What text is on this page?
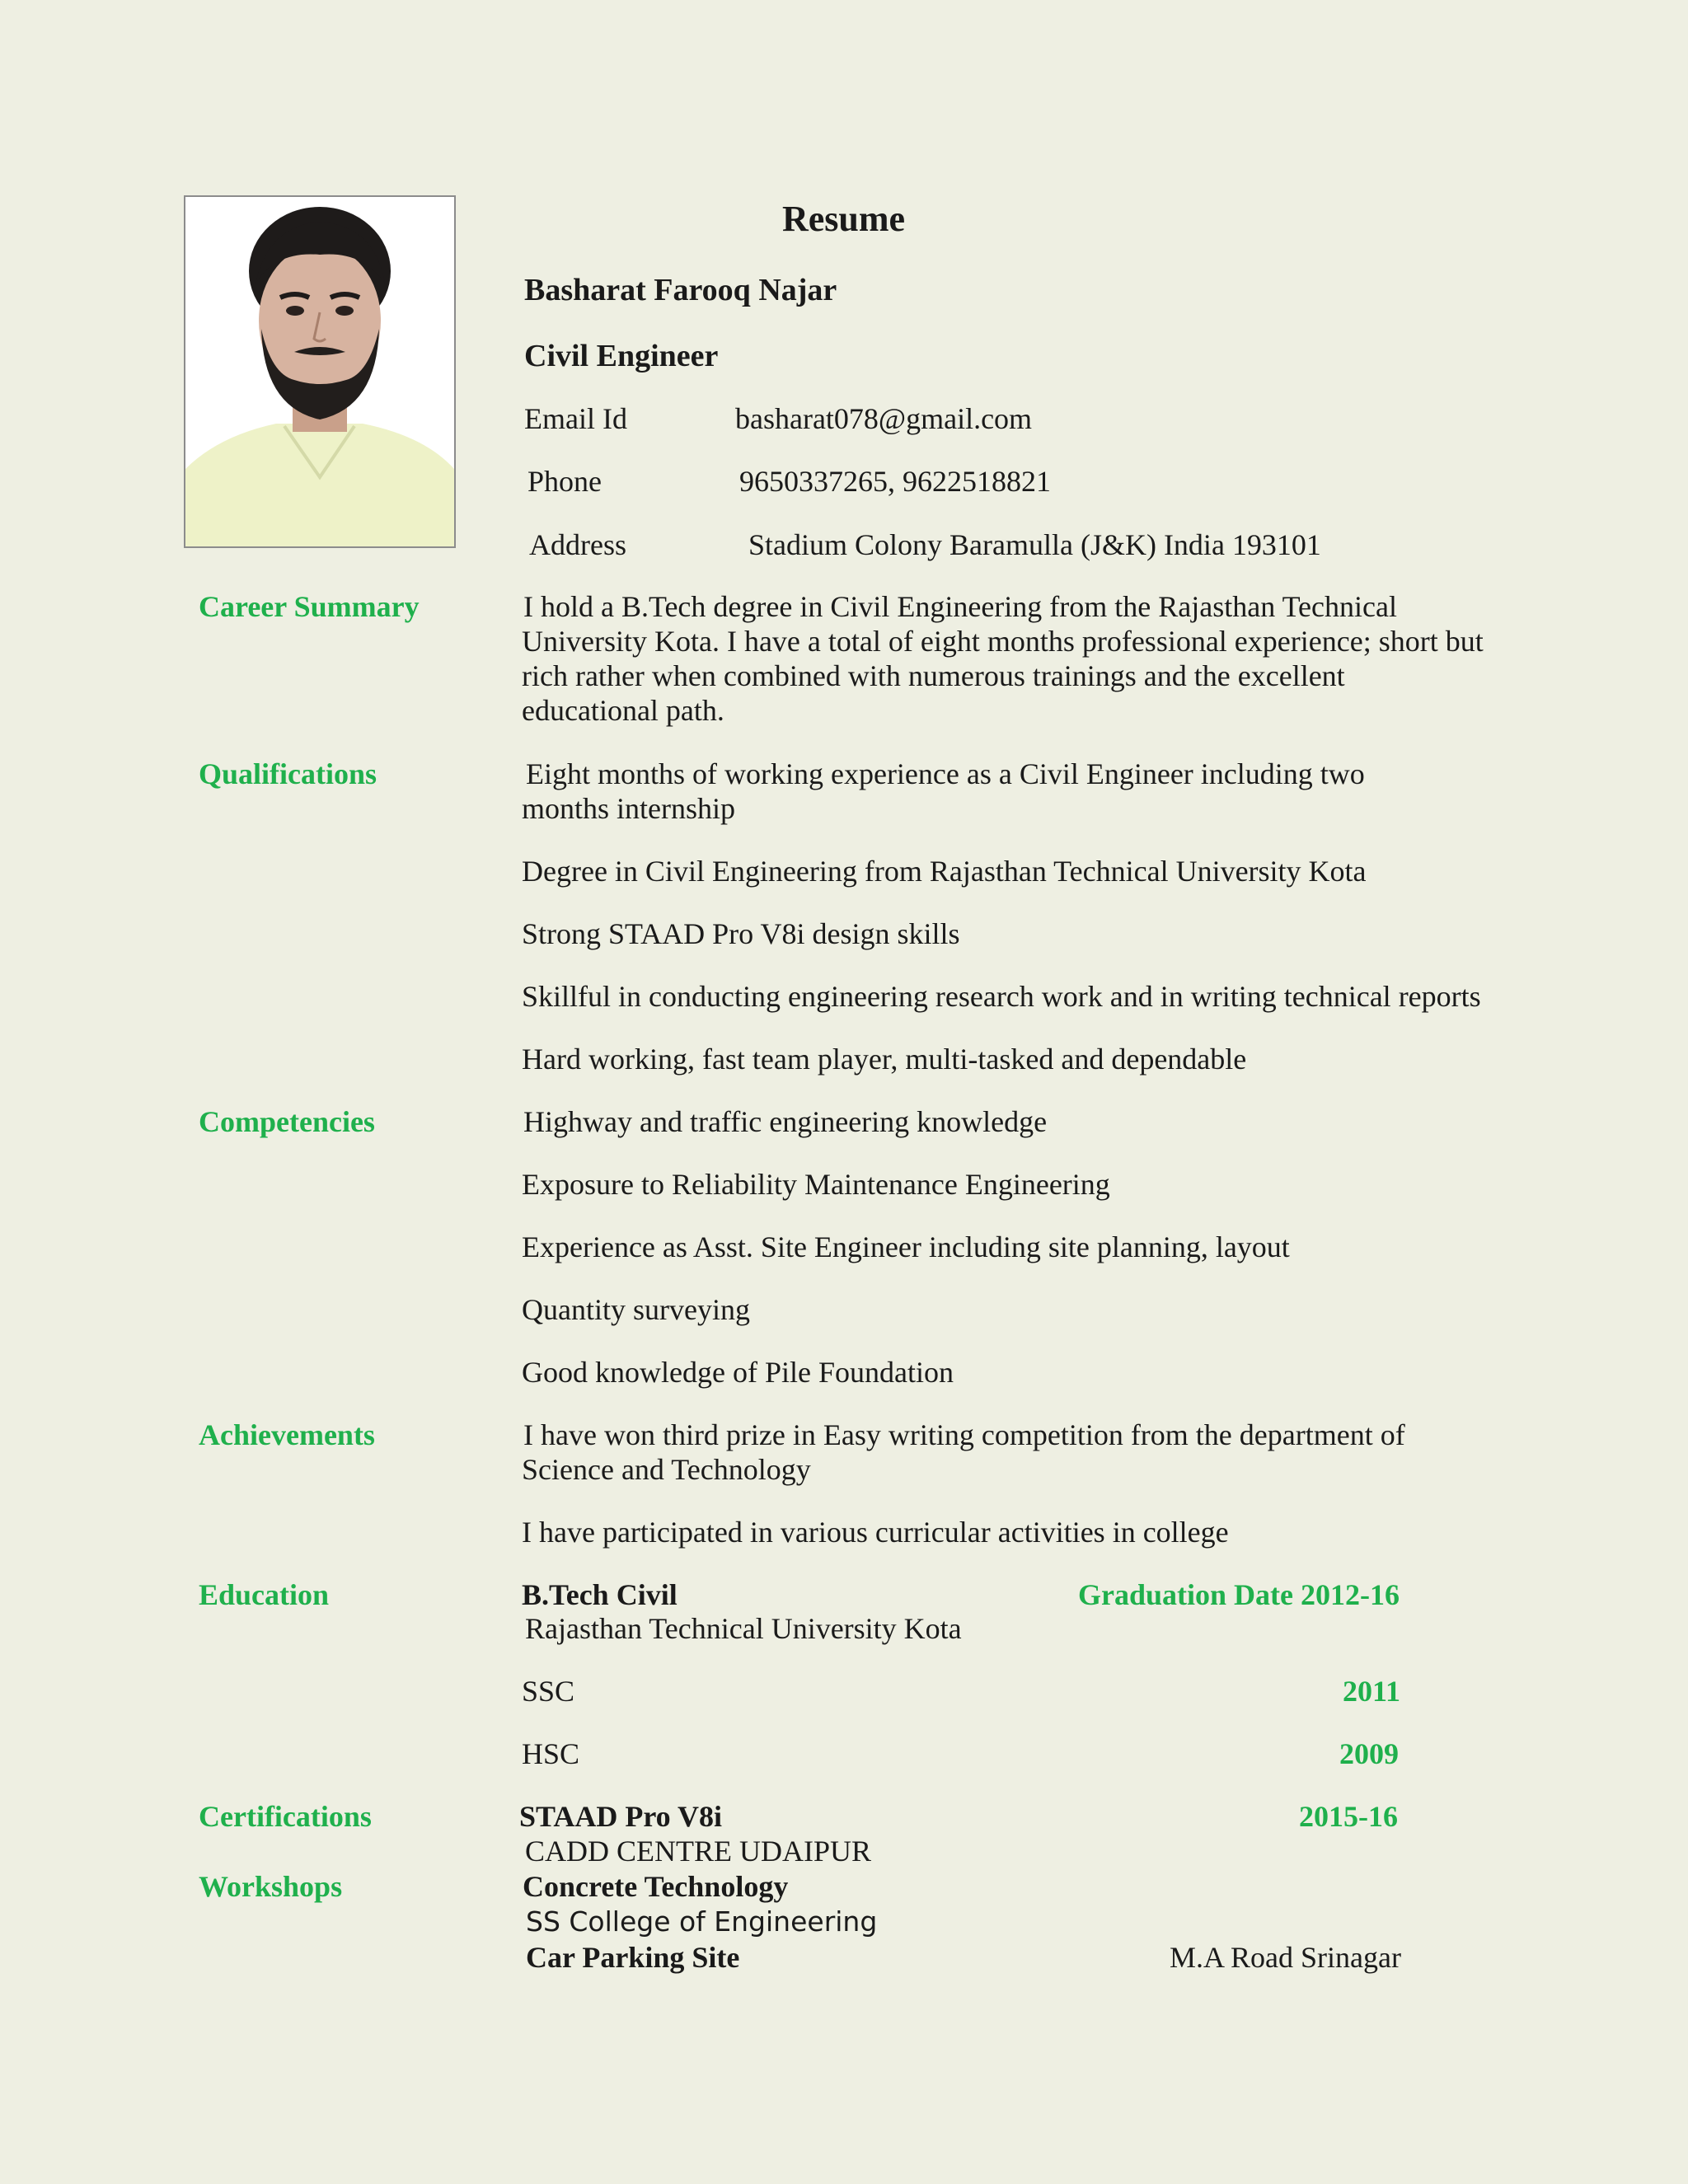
Resume
Basharat Farooq Najar
Civil Engineer
Email Id	basharat078@gmail.com
Phone	9650337265, 9622518821
Address	Stadium Colony Baramulla (J&K) India 193101
Career Summary	I hold a B.Tech degree in Civil Engineering from the Rajasthan Technical
University Kota. I have a total of eight months professional experience; short but
rich rather when combined with numerous trainings and the excellent
educational path.
Qualifications	Eight months of working experience as a Civil Engineer including two
months internship
Degree in Civil Engineering from Rajasthan Technical University Kota
Strong STAAD Pro V8i design skills
Skillful in conducting engineering research work and in writing technical reports
Hard working, fast team player, multi-tasked and dependable
Competencies	Highway and traffic engineering knowledge
Exposure to Reliability Maintenance Engineering
Experience as Asst. Site Engineer including site planning, layout
Quantity surveying
Good knowledge of Pile Foundation
Achievements	I have won third prize in Easy writing competition from the department of
Science and Technology
I have participated in various curricular activities in college
Education	B.Tech Civil	Graduation Date 2012-16
Rajasthan Technical University Kota
SSC	2011
HSC	2009
Certifications	STAAD Pro V8i	2015-16
CADD CENTRE UDAIPUR
Workshops	Concrete Technology
SS College of Engineering
Car Parking Site	M.A Road Srinagar
